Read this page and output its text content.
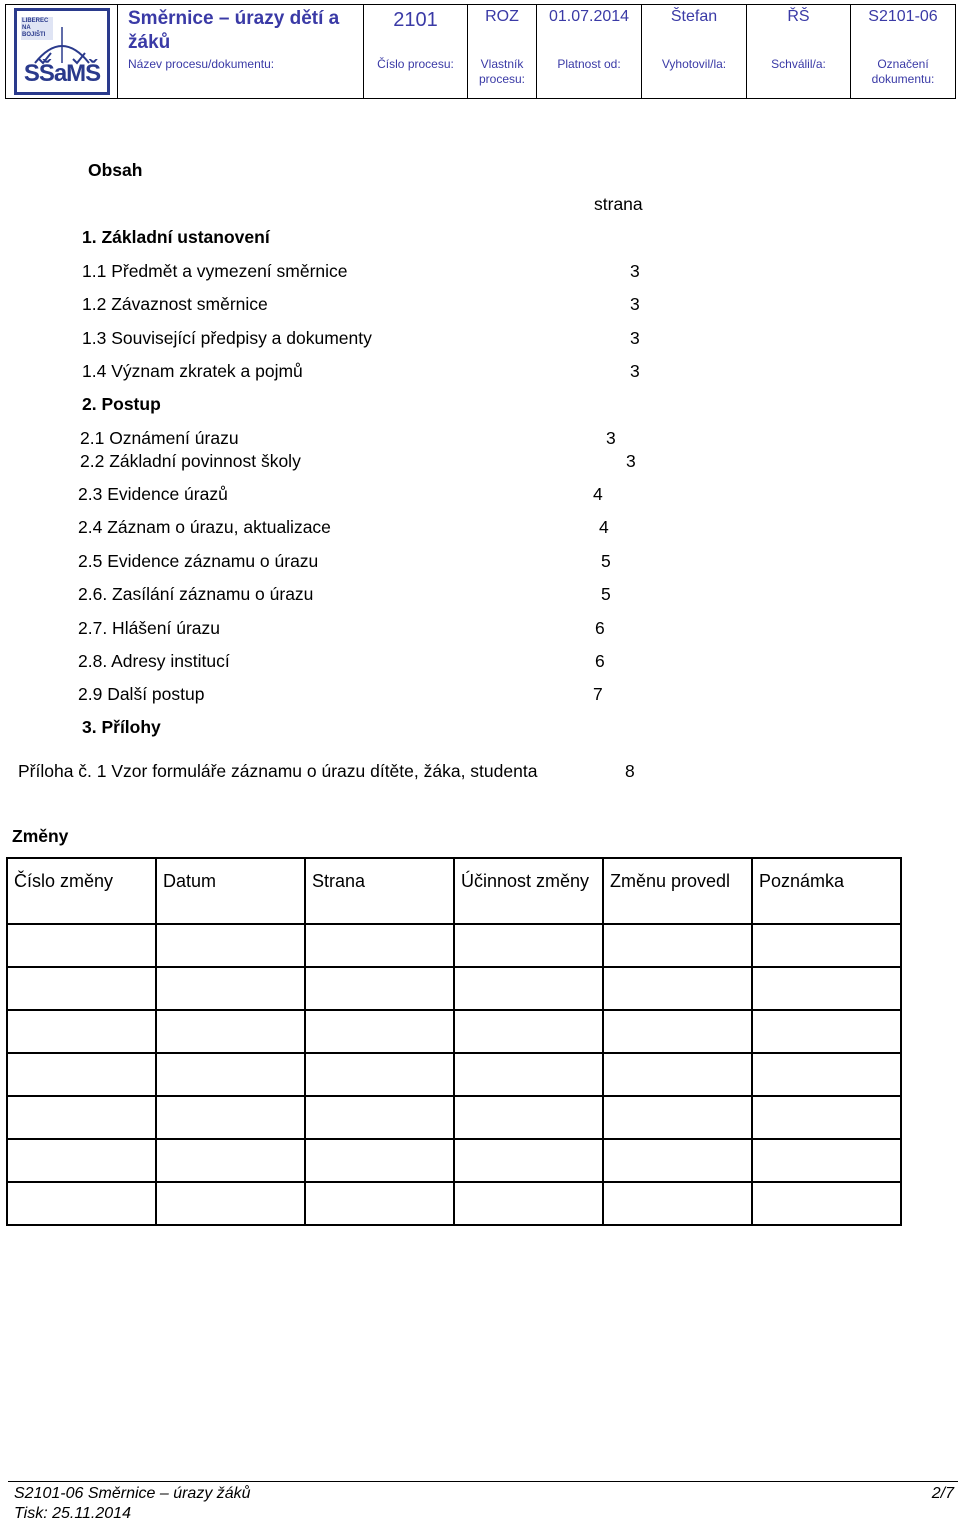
LIBEREC NA BOJIŠTI
SŠaMŠ
Směrnice – úrazy dětí a žáků
Název procesu/dokumentu:
2101
Číslo procesu:
ROZ
Vlastník procesu:
01.07.2014
Platnost od:
Štefan
Vyhotovil/la:
ŘŠ
Schválil/a:
S2101-06
Označení dokumentu:
Obsah
strana
1. Základní ustanovení
1.1 Předmět a vymezení směrnice	3
1.2 Závaznost směrnice	3
1.3 Související předpisy a dokumenty	3
1.4 Význam zkratek a pojmů	3
2. Postup
2.1 Oznámení úrazu	3
2.2 Základní povinnost školy	3
2.3 Evidence úrazů	4
2.4 Záznam o úrazu, aktualizace	4
2.5 Evidence záznamu o úrazu	5
2.6. Zasílání záznamu o úrazu	5
2.7. Hlášení úrazu	6
2.8. Adresy institucí	6
2.9 Další postup	7
3. Přílohy
Příloha č. 1 Vzor formuláře záznamu o úrazu dítěte, žáka, studenta	8
Změny
Číslo změny	Datum	Strana	Účinnost změny	Změnu provedl	Poznámka

S2101-06 Směrnice – úrazy žáků	2/7
Tisk: 25.11.2014
